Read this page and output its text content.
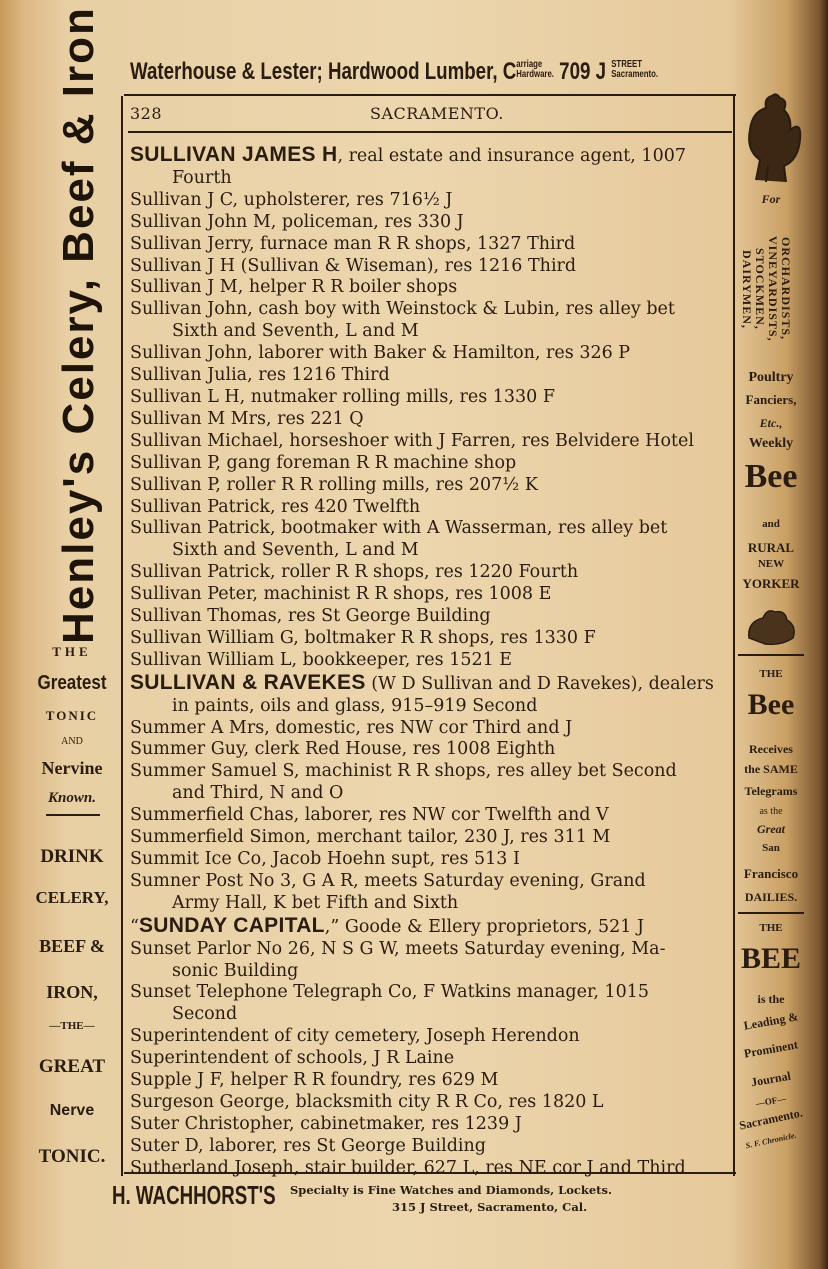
Waterhouse & Lester; Hardwood Lumber, Carriage
Hardware. 709 J STREET
Sacramento.
328	SACRAMENTO.
SULLIVAN JAMES H, real estate and insurance agent, 1007
Fourth
Sullivan J C, upholsterer, res 716½ J
Sullivan John M, policeman, res 330 J
Sullivan Jerry, furnace man R R shops, 1327 Third
Sullivan J H (Sullivan & Wiseman), res 1216 Third
Sullivan J M, helper R R boiler shops
Sullivan John, cash boy with Weinstock & Lubin, res alley bet
Sixth and Seventh, L and M
Sullivan John, laborer with Baker & Hamilton, res 326 P
Sullivan Julia, res 1216 Third
Sullivan L H, nutmaker rolling mills, res 1330 F
Sullivan M Mrs, res 221 Q
Sullivan Michael, horseshoer with J Farren, res Belvidere Hotel
Sullivan P, gang foreman R R machine shop
Sullivan P, roller R R rolling mills, res 207½ K
Sullivan Patrick, res 420 Twelfth
Sullivan Patrick, bootmaker with A Wasserman, res alley bet
Sixth and Seventh, L and M
Sullivan Patrick, roller R R shops, res 1220 Fourth
Sullivan Peter, machinist R R shops, res 1008 E
Sullivan Thomas, res St George Building
Sullivan William G, boltmaker R R shops, res 1330 F
Sullivan William L, bookkeeper, res 1521 E
SULLIVAN & RAVEKES (W D Sullivan and D Ravekes), dealers
in paints, oils and glass, 915–919 Second
Summer A Mrs, domestic, res NW cor Third and J
Summer Guy, clerk Red House, res 1008 Eighth
Summer Samuel S, machinist R R shops, res alley bet Second
and Third, N and O
Summerfield Chas, laborer, res NW cor Twelfth and V
Summerfield Simon, merchant tailor, 230 J, res 311 M
Summit Ice Co, Jacob Hoehn supt, res 513 I
Sumner Post No 3, G A R, meets Saturday evening, Grand
Army Hall, K bet Fifth and Sixth
“SUNDAY CAPITAL,” Goode & Ellery proprietors, 521 J
Sunset Parlor No 26, N S G W, meets Saturday evening, Ma-
sonic Building
Sunset Telephone Telegraph Co, F Watkins manager, 1015
Second
Superintendent of city cemetery, Joseph Herendon
Superintendent of schools, J R Laine
Supple J F, helper R R foundry, res 629 M
Surgeson George, blacksmith city R R Co, res 1820 L
Suter Christopher, cabinetmaker, res 1239 J
Suter D, laborer, res St George Building
Sutherland Joseph, stair builder, 627 L, res NE cor J and Third
Henley's Celery, Beef & Iron
THE
Greatest
TONIC
AND
Nervine
Known.
DRINK
CELERY,
BEEF &
IRON,
—THE—
GREAT
Nerve
TONIC.
For
ORCHARDISTS, VINEYARDISTS, STOCKMEN, DAIRYMEN,
Poultry
Fanciers,
Etc.,
Weekly
Bee
and
RURAL
NEW
YORKER
THE
Bee
Receives
the SAME
Telegrams
as the
Great
San
Francisco
DAILIES.
THE
BEE
is the
Leading &
Prominent
Journal
—OF—
Sacramento.
S. F. Chronicle.
H. WACHHORST'S Specialty is Fine Watches and Diamonds, Lockets.
315 J Street, Sacramento, Cal.
